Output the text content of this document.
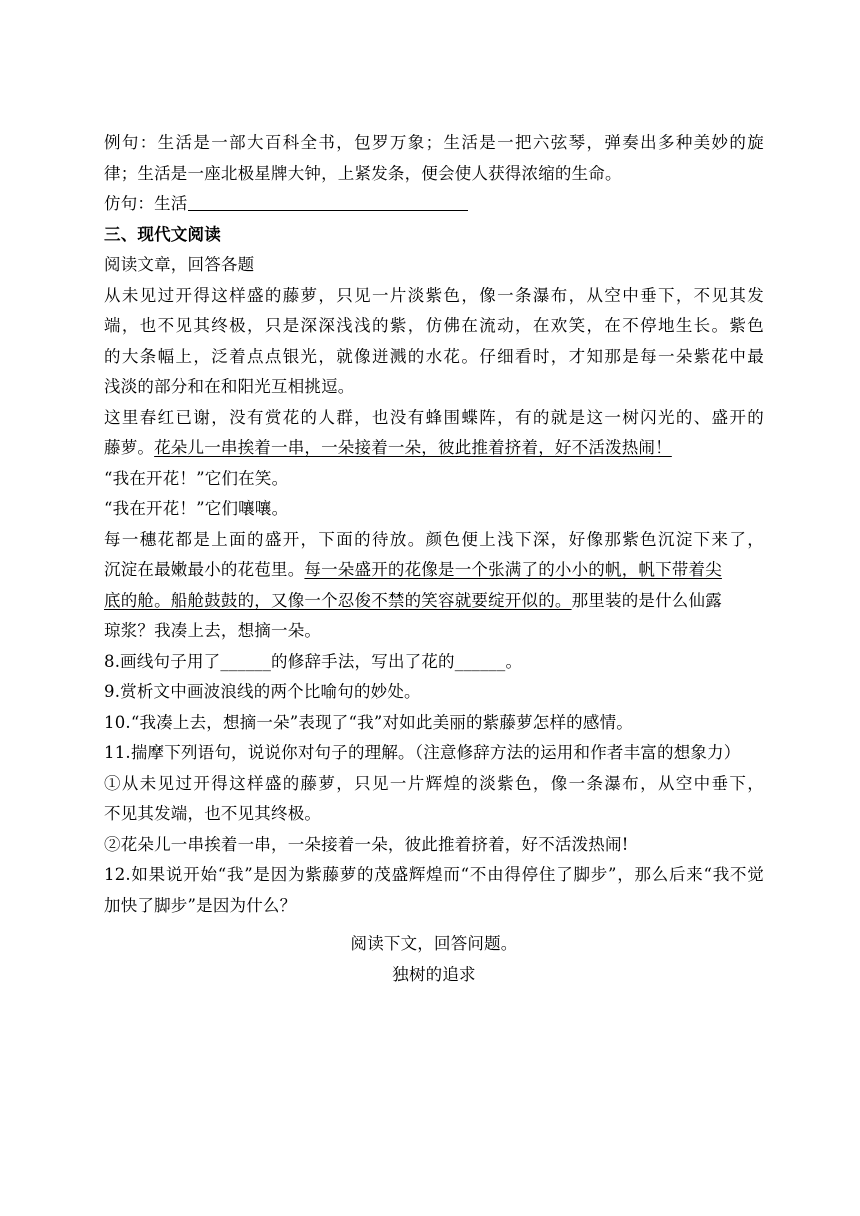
例句：生活是一部大百科全书，包罗万象；生活是一把六弦琴，弹奏出多种美妙的旋
律；生活是一座北极星牌大钟，上紧发条，便会使人获得浓缩的生命。
仿句：生活
三、现代文阅读
阅读文章，回答各题
从未见过开得这样盛的藤萝，只见一片淡紫色，像一条瀑布，从空中垂下，不见其发
端，也不见其终极，只是深深浅浅的紫，仿佛在流动，在欢笑，在不停地生长。紫色
的大条幅上，泛着点点银光，就像迸溅的水花。仔细看时，才知那是每一朵紫花中最
浅淡的部分和在和阳光互相挑逗。
这里春红已谢，没有赏花的人群，也没有蜂围蝶阵，有的就是这一树闪光的、盛开的
藤萝。花朵儿一串挨着一串，一朵接着一朵，彼此推着挤着，好不活泼热闹！
“我在开花！”它们在笑。
“我在开花！”它们嚷嚷。
每一穗花都是上面的盛开，下面的待放。颜色便上浅下深，好像那紫色沉淀下来了，
沉淀在最嫩最小的花苞里。每一朵盛开的花像是一个张满了的小小的帆，帆下带着尖
底的舱。船舱鼓鼓的，又像一个忍俊不禁的笑容就要绽开似的。那里装的是什么仙露
琼浆？我凑上去，想摘一朵。
8.画线句子用了______的修辞手法，写出了花的______。
9.赏析文中画波浪线的两个比喻句的妙处。
10.“我凑上去，想摘一朵”表现了“我”对如此美丽的紫藤萝怎样的感情。
11.揣摩下列语句，说说你对句子的理解。（注意修辞方法的运用和作者丰富的想象力）
①从未见过开得这样盛的藤萝，只见一片辉煌的淡紫色，像一条瀑布，从空中垂下，
不见其发端，也不见其终极。
②花朵儿一串挨着一串，一朵接着一朵，彼此推着挤着，好不活泼热闹!
12.如果说开始“我”是因为紫藤萝的茂盛辉煌而“不由得停住了脚步”，那么后来“我不觉
加快了脚步”是因为什么？
阅读下文，回答问题。
独树的追求
